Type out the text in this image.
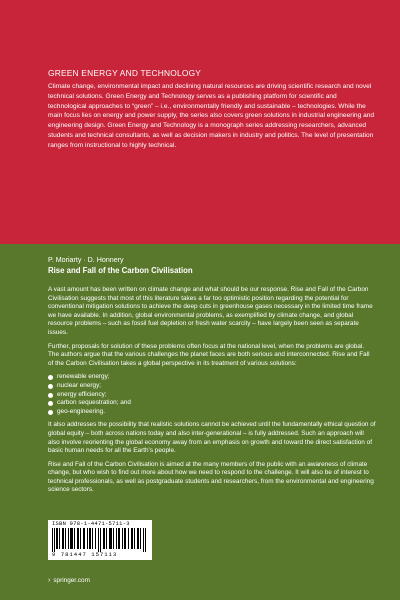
GREEN ENERGY AND TECHNOLOGY
Climate change, environmental impact and declining natural resources are driving scientific research and novel technical solutions. Green Energy and Technology serves as a publishing platform for scientific and technological approaches to “green” – i.e., environmentally friendly and sustainable – technologies. While the main focus lies on energy and power supply, the series also covers green solutions in industrial engineering and engineering design. Green Energy and Technology is a monograph series addressing researchers, advanced students and technical consultants, as well as decision makers in industry and politics. The level of presentation ranges from instructional to highly technical.
P. Moriarty · D. Honnery
Rise and Fall of the Carbon Civilisation

A vast amount has been written on climate change and what should be our response. Rise and Fall of the Carbon Civilisation suggests that most of this literature takes a far too optimistic position regarding the potential for conventional mitigation solutions to achieve the deep cuts in greenhouse gases necessary in the limited time frame we have available. In addition, global environmental problems, as exemplified by climate change, and global resource problems – such as fossil fuel depletion or fresh water scarcity – have largely been seen as separate issues.

Further, proposals for solution of these problems often focus at the national level, when the problems are global. The authors argue that the various challenges the planet faces are both serious and interconnected. Rise and Fall of the Carbon Civilisation takes a global perspective in its treatment of various solutions:

renewable energy;
nuclear energy;
energy efficiency;
carbon sequestration; and
geo-engineering.

It also addresses the possibility that realistic solutions cannot be achieved until the fundamentally ethical question of global equity – both across nations today and also inter-generational – is fully addressed. Such an approach will also involve reorienting the global economy away from an emphasis on growth and toward the direct satisfaction of basic human needs for all the Earth’s people.

Rise and Fall of the Carbon Civilisation is aimed at the many members of the public with an awareness of climate change, but who wish to find out more about how we need to respond to the challenge. It will also be of interest to technical professionals, as well as postgraduate students and researchers, from the environmental and engineering science sectors.

ISBN 978-1-4471-5711-3
9 781447 157113
› springer.com
